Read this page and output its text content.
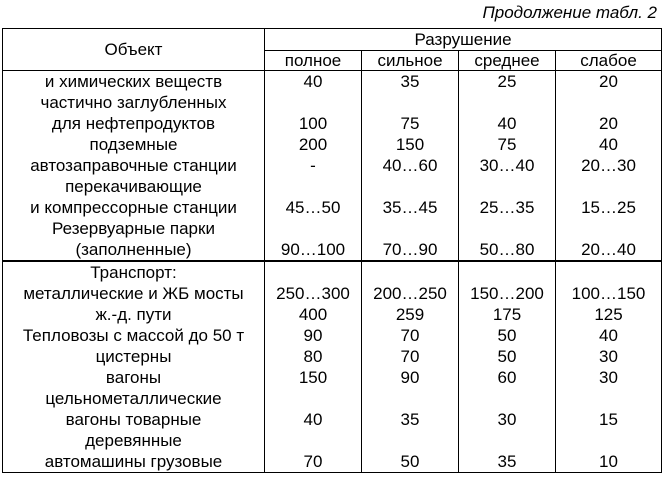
Продолжение табл. 2
Объект	Разрушение			
	полное	сильное	среднее	слабое
и химических веществ	40	35	25	20
частично заглубленных				
для нефтепродуктов	100	75	40	20
подземные	200	150	75	40
автозаправочные станции	-	40…60	30…40	20…30
перекачивающие				
и компрессорные станции	45…50	35…45	25…35	15…25
Резервуарные парки				
(заполненные)	90…100	70…90	50…80	20…40
Транспорт:				
металлические и ЖБ мосты	250…300	200…250	150…200	100…150
ж.-д. пути	400	259	175	125
Тепловозы с массой до 50 т	90	70	50	40
цистерны	80	70	50	30
вагоны	150	90	60	30
цельнометаллические				
вагоны товарные	40	35	30	15
деревянные				
автомашины грузовые	70	50	35	10
